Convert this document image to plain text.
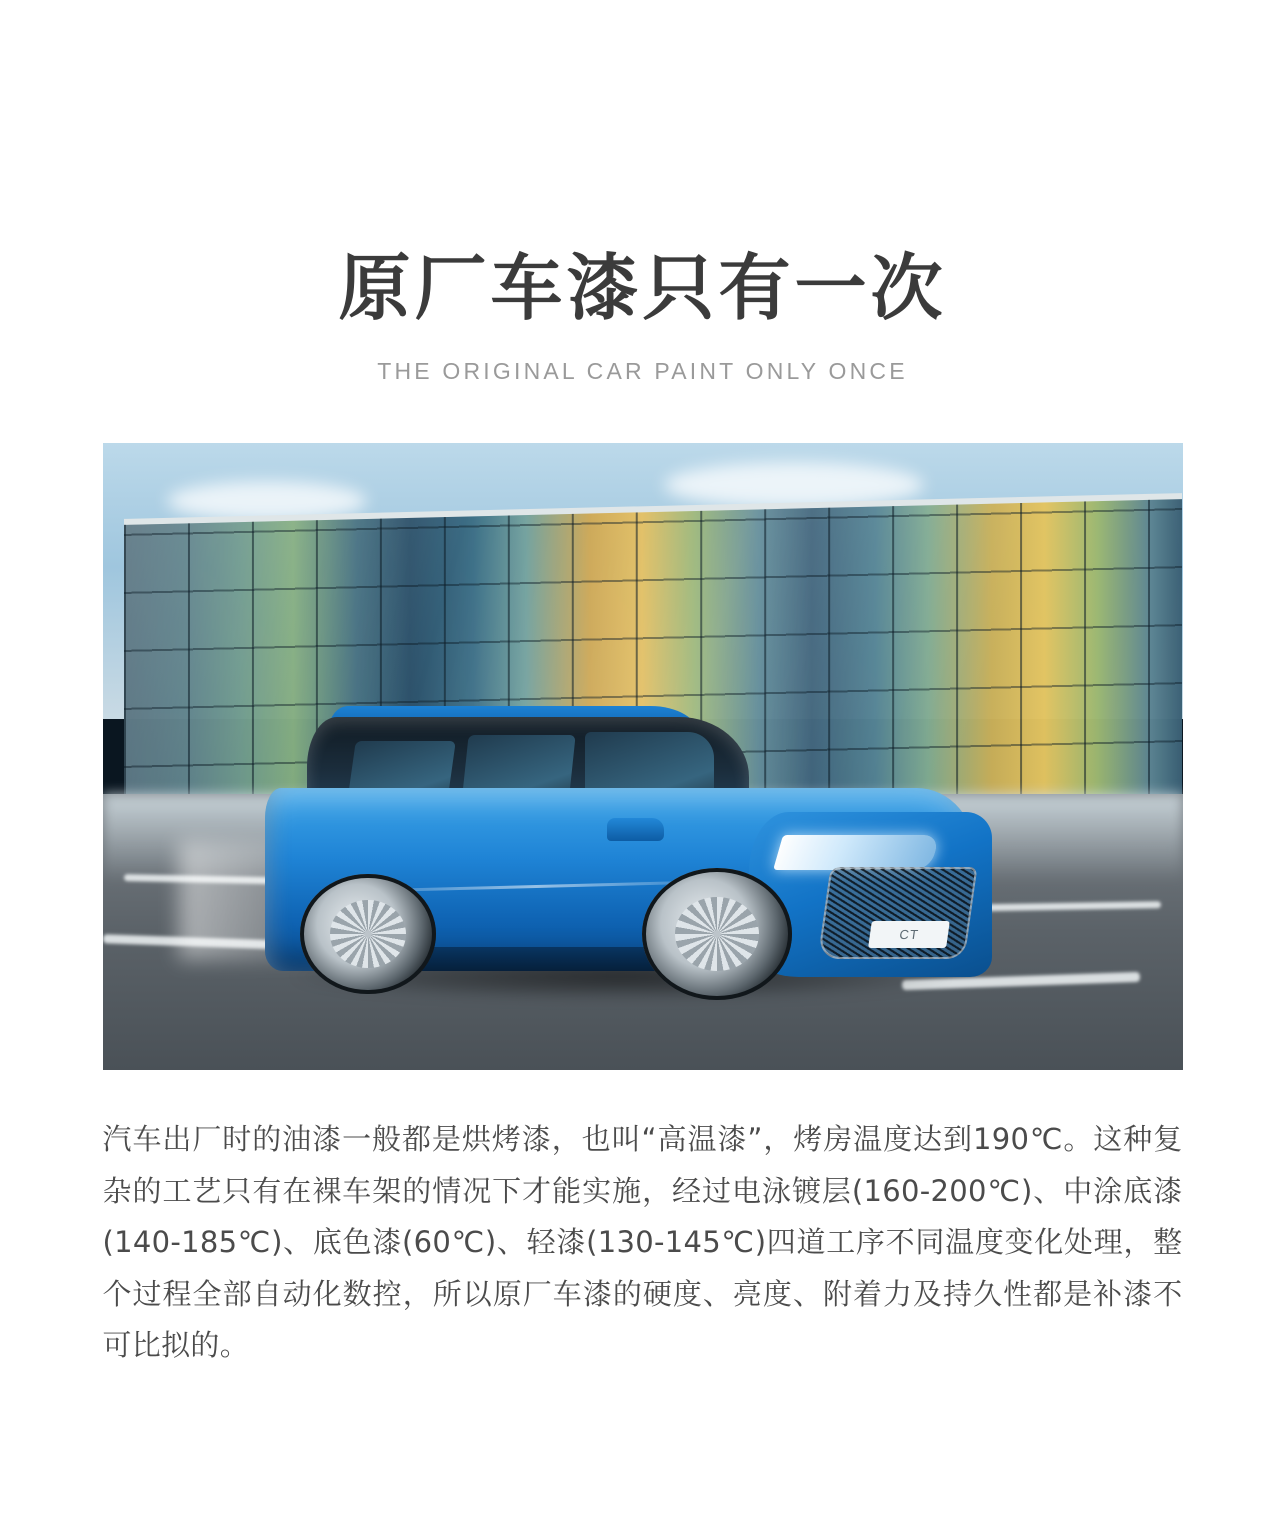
原厂车漆只有一次
THE ORIGINAL CAR PAINT ONLY ONCE
CT

汽车出厂时的油漆一般都是烘烤漆，也叫“高温漆”，烤房温度达到190℃。这种复杂的工艺只有在裸车架的情况下才能实施，经过电泳镀层(160-200℃)、中涂底漆(140-185℃)、底色漆(60℃)、轻漆(130-145℃)四道工序不同温度变化处理，整个过程全部自动化数控，所以原厂车漆的硬度、亮度、附着力及持久性都是补漆不可比拟的。
